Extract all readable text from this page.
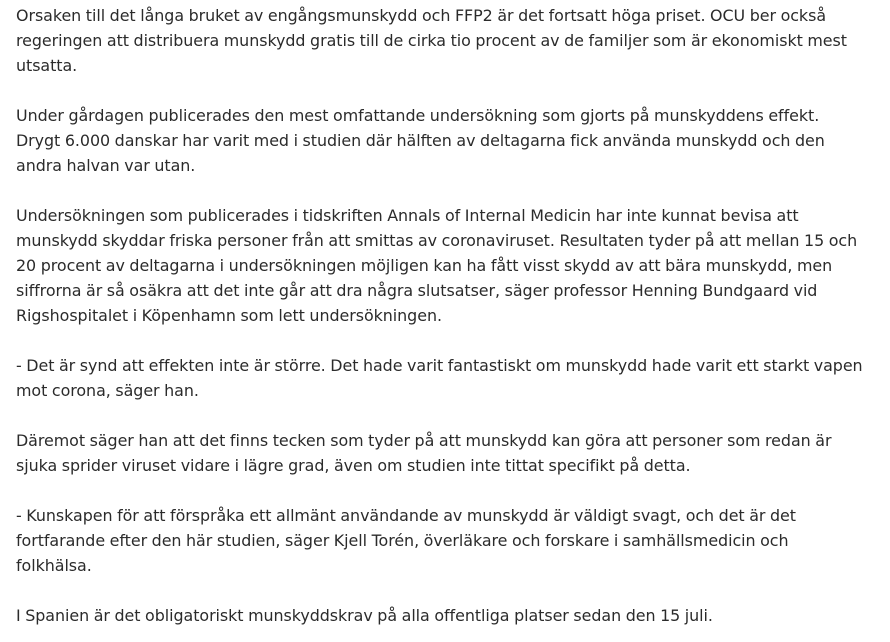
Orsaken till det långa bruket av engångsmunskydd och FFP2 är det fortsatt höga priset. OCU ber också
regeringen att distribuera munskydd gratis till de cirka tio procent av de familjer som är ekonomiskt mest
utsatta.

Under gårdagen publicerades den mest omfattande undersökning som gjorts på munskyddens effekt.
Drygt 6.000 danskar har varit med i studien där hälften av deltagarna fick använda munskydd och den
andra halvan var utan.

Undersökningen som publicerades i tidskriften Annals of Internal Medicin har inte kunnat bevisa att
munskydd skyddar friska personer från att smittas av coronaviruset. Resultaten tyder på att mellan 15 och
20 procent av deltagarna i undersökningen möjligen kan ha fått visst skydd av att bära munskydd, men
siffrorna är så osäkra att det inte går att dra några slutsatser, säger professor Henning Bundgaard vid
Rigshospitalet i Köpenhamn som lett undersökningen.

- Det är synd att effekten inte är större. Det hade varit fantastiskt om munskydd hade varit ett starkt vapen
mot corona, säger han.

Däremot säger han att det finns tecken som tyder på att munskydd kan göra att personer som redan är
sjuka sprider viruset vidare i lägre grad, även om studien inte tittat specifikt på detta.

- Kunskapen för att förspråka ett allmänt användande av munskydd är väldigt svagt, och det är det
fortfarande efter den här studien, säger Kjell Torén, överläkare och forskare i samhällsmedicin och
folkhälsa.

I Spanien är det obligatoriskt munskyddskrav på alla offentliga platser sedan den 15 juli.
